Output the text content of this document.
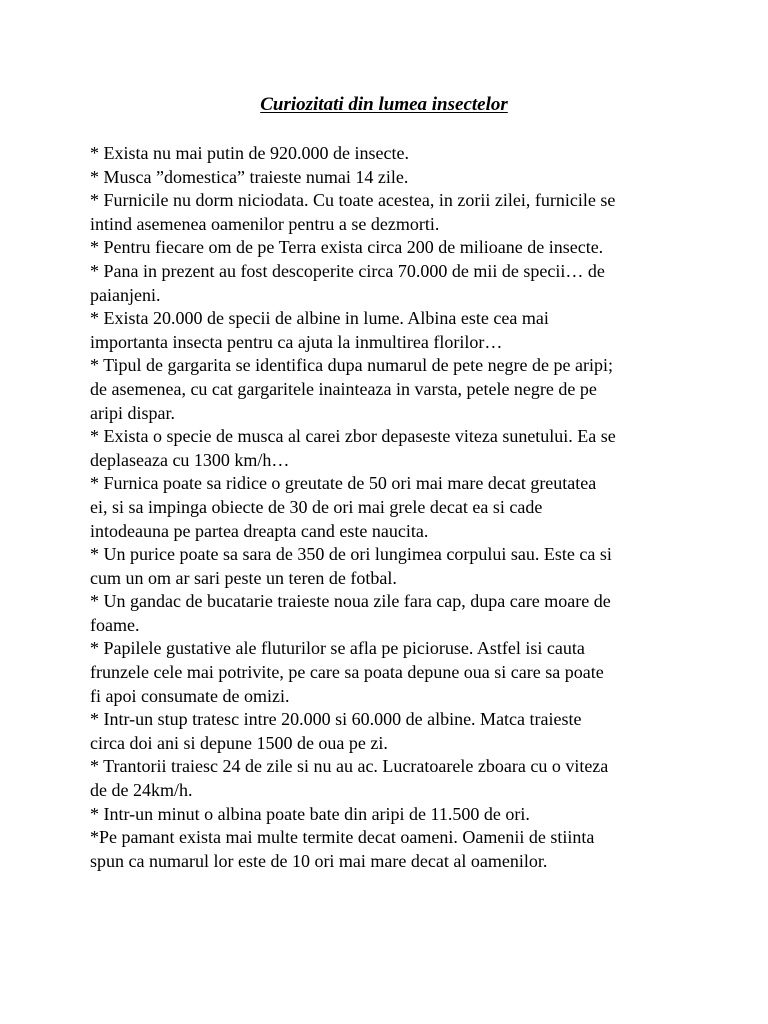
Curiozitati din lumea insectelor
* Exista nu mai putin de 920.000 de insecte.
* Musca ”domestica” traieste numai 14 zile.
* Furnicile nu dorm niciodata. Cu toate acestea, in zorii zilei, furnicile se
intind asemenea oamenilor pentru a se dezmorti.
* Pentru fiecare om de pe Terra exista circa 200 de milioane de insecte.
* Pana in prezent au fost descoperite circa 70.000 de mii de specii… de
paianjeni.
* Exista 20.000 de specii de albine in lume. Albina este cea mai
importanta insecta pentru ca ajuta la inmultirea florilor…
* Tipul de gargarita se identifica dupa numarul de pete negre de pe aripi;
de asemenea, cu cat gargaritele inainteaza in varsta, petele negre de pe
aripi dispar.
* Exista o specie de musca al carei zbor depaseste viteza sunetului. Ea se
deplaseaza cu 1300 km/h…
* Furnica poate sa ridice o greutate de 50 ori mai mare decat greutatea
ei, si sa impinga obiecte de 30 de ori mai grele decat ea si cade
intodeauna pe partea dreapta cand este naucita.
* Un purice poate sa sara de 350 de ori lungimea corpului sau. Este ca si
cum un om ar sari peste un teren de fotbal.
* Un gandac de bucatarie traieste noua zile fara cap, dupa care moare de
foame.
* Papilele gustative ale fluturilor se afla pe picioruse. Astfel isi cauta
frunzele cele mai potrivite, pe care sa poata depune oua si care sa poate
fi apoi consumate de omizi.
* Intr-un stup tratesc intre 20.000 si 60.000 de albine. Matca traieste
circa doi ani si depune 1500 de oua pe zi.
* Trantorii traiesc 24 de zile si nu au ac. Lucratoarele zboara cu o viteza
de de 24km/h.
* Intr-un minut o albina poate bate din aripi de 11.500 de ori.
*Pe pamant exista mai multe termite decat oameni. Oamenii de stiinta
spun ca numarul lor este de 10 ori mai mare decat al oamenilor.
